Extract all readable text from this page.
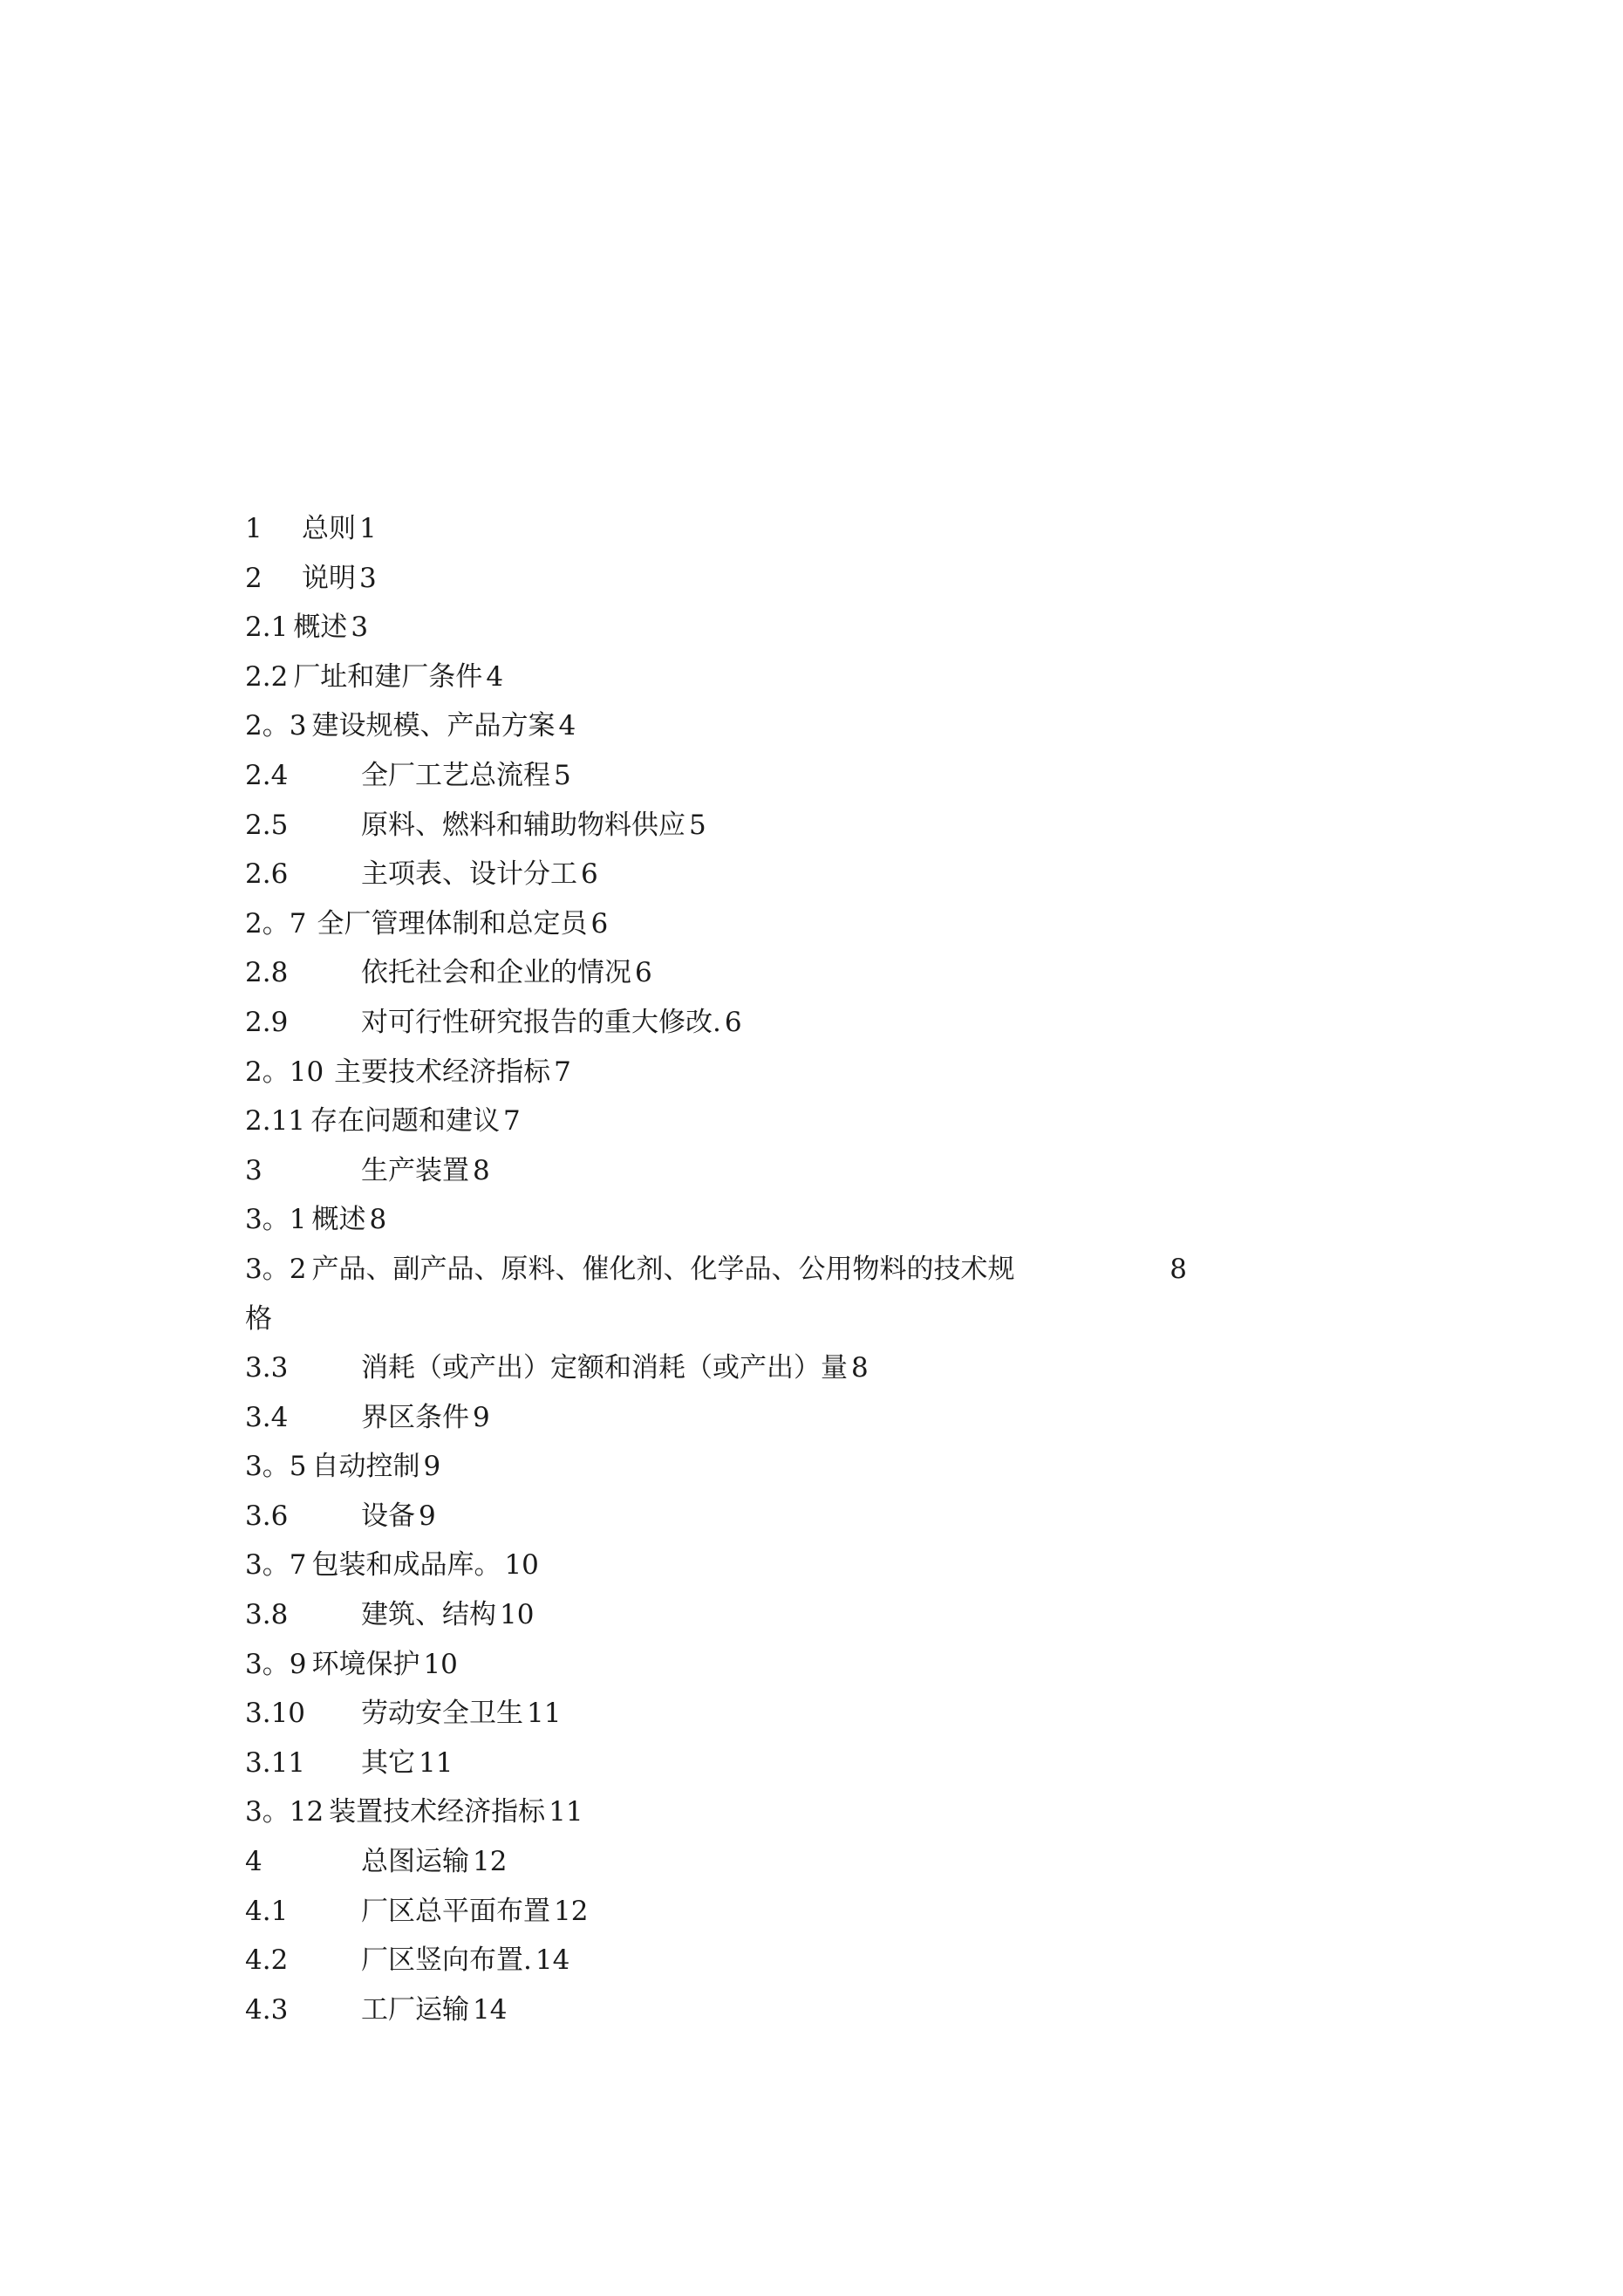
1	总则 1
2	说明 3
2.1 概述 3
2.2 厂址和建厂条件 4
2。3 建设规模、产品方案 4
2.4	全厂工艺总流程 5
2.5	原料、燃料和辅助物料供应 5
2.6	主项表、设计分工 6
2。7 全厂管理体制和总定员 6
2.8	依托社会和企业的情况 6
2.9	对可行性研究报告的重大修改. 6
2。10 主要技术经济指标 7
2.11 存在问题和建议 7
3	生产装置 8
3。1 概述 8
3。2 产品、副产品、原料、催化剂、化学品、公用物料的技术规	8
格
3.3	消耗（或产出）定额和消耗（或产出）量 8
3.4	界区条件 9
3。5 自动控制 9
3.6	设备 9
3。7 包装和成品库。 10
3.8	建筑、结构 10
3。9 环境保护 10
3.10	劳动安全卫生 11
3.11	其它 11
3。12 装置技术经济指标 11
4	总图运输 12
4.1	厂区总平面布置 12
4.2	厂区竖向布置. 14
4.3	工厂运输 14
